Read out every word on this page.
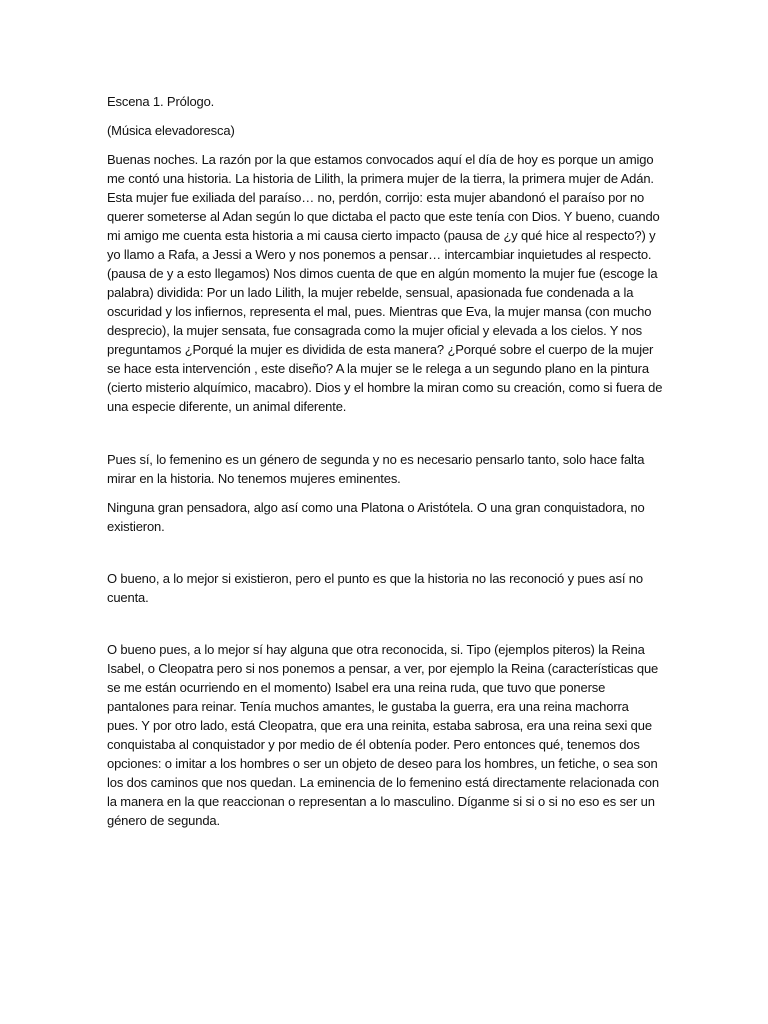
Escena 1. Prólogo.

(Música elevadoresca)

Buenas noches. La razón por la que estamos convocados aquí el día de hoy es porque un amigo me contó una historia. La historia de Lilith, la primera mujer de la tierra, la primera mujer de Adán. Esta mujer fue exiliada del paraíso… no, perdón, corrijo: esta mujer abandonó el paraíso por no querer someterse al Adan según lo que dictaba el pacto que este tenía con Dios. Y bueno, cuando mi amigo me cuenta esta historia a mi causa cierto impacto (pausa de ¿y qué hice al respecto?) y yo llamo a Rafa, a Jessi a Wero y nos ponemos a pensar… intercambiar inquietudes al respecto. (pausa de y a esto llegamos) Nos dimos cuenta de que en algún momento la mujer fue (escoge la palabra) dividida: Por un lado Lilith, la mujer rebelde, sensual, apasionada fue condenada a la oscuridad y los infiernos, representa el mal, pues. Mientras que Eva, la mujer mansa (con mucho desprecio), la mujer sensata, fue consagrada como la mujer oficial y elevada a los cielos. Y nos preguntamos ¿Porqué la mujer es dividida de esta manera? ¿Porqué sobre el cuerpo de la mujer se hace esta intervención , este diseño? A la mujer se le relega a un segundo plano en la pintura (cierto misterio alquímico, macabro). Dios y el hombre la miran como su creación, como si fuera de una especie diferente, un animal diferente.

Pues sí, lo femenino es un género de segunda y no es necesario pensarlo tanto, solo hace falta mirar en la historia. No tenemos mujeres eminentes.

Ninguna gran pensadora, algo así como una Platona o Aristótela. O una gran conquistadora, no existieron.

O bueno, a lo mejor si existieron, pero el punto es que la historia no las reconoció y pues así no cuenta.

O bueno pues, a lo mejor sí hay alguna que otra reconocida, si. Tipo (ejemplos piteros) la Reina Isabel, o Cleopatra pero si nos ponemos a pensar, a ver, por ejemplo la Reina (características que se me están ocurriendo en el momento) Isabel era una reina ruda, que tuvo que ponerse pantalones para reinar. Tenía muchos amantes, le gustaba la guerra, era una reina machorra pues. Y por otro lado, está Cleopatra, que era una reinita, estaba sabrosa, era una reina sexi que conquistaba al conquistador y por medio de él obtenía poder. Pero entonces qué, tenemos dos opciones: o imitar a los hombres o ser un objeto de deseo para los hombres, un fetiche, o sea son los dos caminos que nos quedan. La eminencia de lo femenino está directamente relacionada con la manera en la que reaccionan o representan a lo masculino. Díganme si si o si no eso es ser un género de segunda.
